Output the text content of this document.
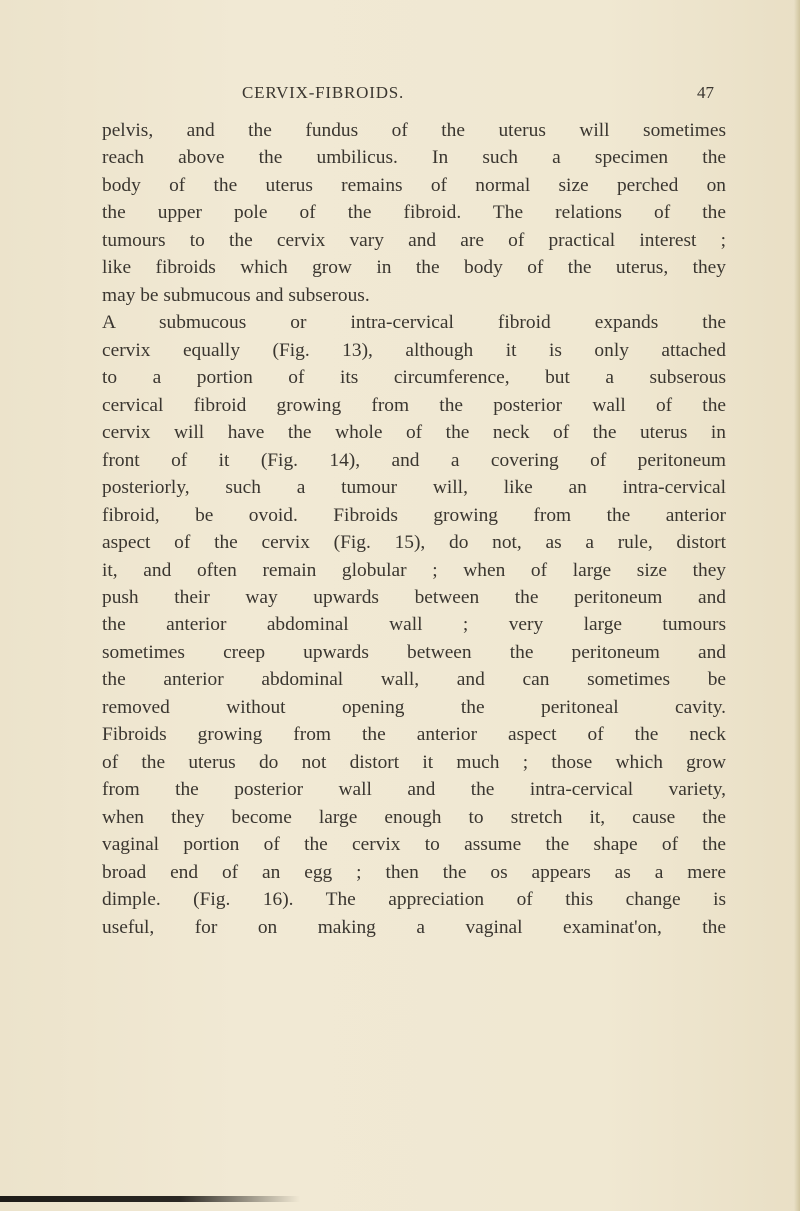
CERVIX-FIBROIDS.	47
pelvis, and the fundus of the uterus will sometimes
reach above the umbilicus. In such a specimen the
body of the uterus remains of normal size perched on
the upper pole of the fibroid. The relations of the
tumours to the cervix vary and are of practical interest ;
like fibroids which grow in the body of the uterus, they
may be submucous and subserous.
A submucous or intra-cervical fibroid expands the
cervix equally (Fig. 13), although it is only attached
to a portion of its circumference, but a subserous
cervical fibroid growing from the posterior wall of the
cervix will have the whole of the neck of the uterus in
front of it (Fig. 14), and a covering of peritoneum
posteriorly, such a tumour will, like an intra-cervical
fibroid, be ovoid. Fibroids growing from the anterior
aspect of the cervix (Fig. 15), do not, as a rule, distort
it, and often remain globular ; when of large size they
push their way upwards between the peritoneum and
the anterior abdominal wall ; very large tumours
sometimes creep upwards between the peritoneum and
the anterior abdominal wall, and can sometimes be
removed without opening the peritoneal cavity.
Fibroids growing from the anterior aspect of the neck
of the uterus do not distort it much ; those which grow
from the posterior wall and the intra-cervical variety,
when they become large enough to stretch it, cause the
vaginal portion of the cervix to assume the shape of the
broad end of an egg ; then the os appears as a mere
dimple. (Fig. 16). The appreciation of this change is
useful, for on making a vaginal examinat'on, the
